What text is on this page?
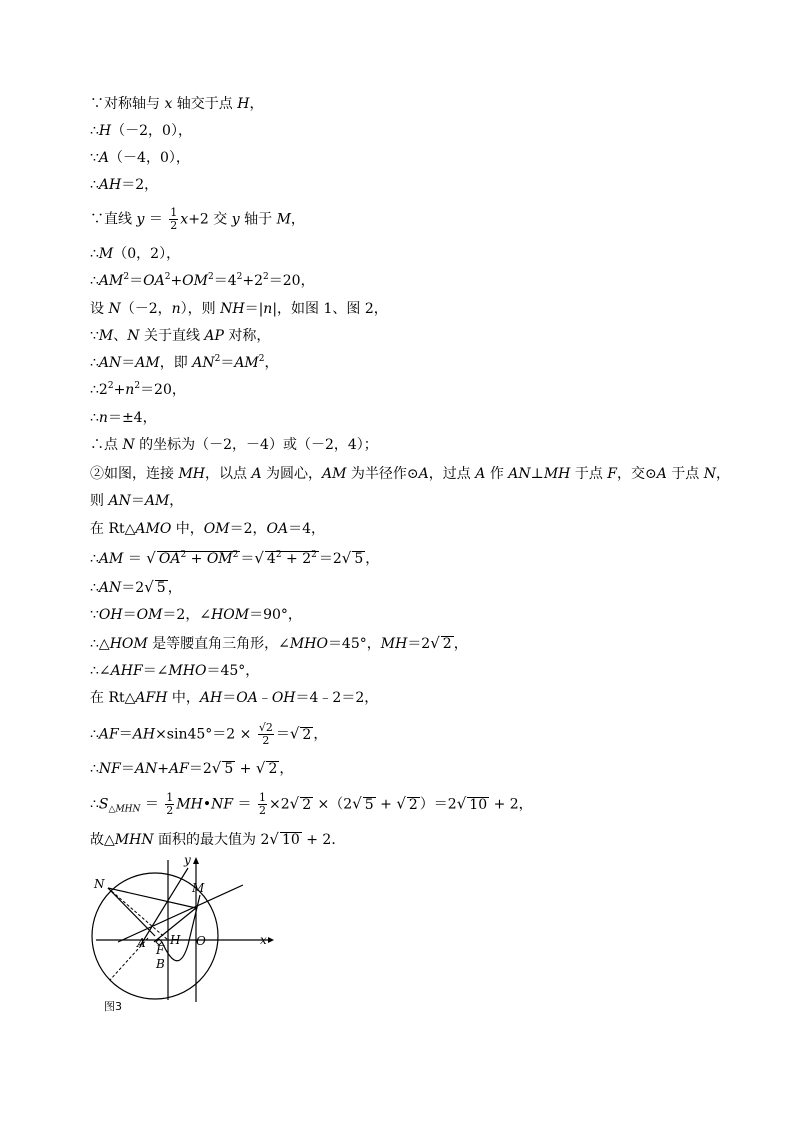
∵对称轴与 x 轴交于点 H，
∴H（－2，0），
∵A（－4，0），
∴AH＝2，
∵直线 $y = \frac{1}{2} x+2$ 交 y 轴于 M，
∴M（0，2），
$\therefore AM^2=OA^2+OM^2=4^2+2^2=20$，
设 N（－2，n），则 NH＝|n|，如图 1、图 2，
∵M、N 关于直线 AP 对称，
∴AN＝AM，即 $AN^2=AM^2$，
$\therefore 2^2+n^2=20$，
∴n＝±4，
∴点 N 的坐标为（－2，－4）或（－2，4）；
②如图，连接 MH，以点 A 为圆心，AM 为半径作⊙A，过点 A 作 AN⊥MH 于点 F，交⊙A 于点 N，
则 AN＝AM，
在 Rt△AMO 中，OM＝2，OA＝4，
∴AM ＝ √ $OA^2 + OM^2$ ＝√ $4^2 + 2^2 =2√$ 5 ，
∴AN＝2√ 5 ，
∵OH＝OM＝2，∠HOM＝90°，
∴△HOM 是等腰直角三角形，∠MHO＝45°，MH＝2√ 2 ，
∴∠AHF＝∠MHO＝45°，
在 Rt△AFH 中，AH＝OA﹣OH＝4﹣2＝2，
∴AF＝AH×sin45°＝2 × $\frac{√2}{2}$ ＝√ 2 ，
∴NF＝AN+AF＝2√ 5 + √ 2 ，
$\therefore S_{\triangle MHN} = \frac{1}{2}$ MH•NF ＝ $\frac{1}{2} \times 2√$ 2 ×（2√ 5 + √ 2 ）＝2√ 10 + 2，
故△MHN 面积的最大值为 2√ 10 + 2．
N	M
A H O
F
B
y
x
图3
